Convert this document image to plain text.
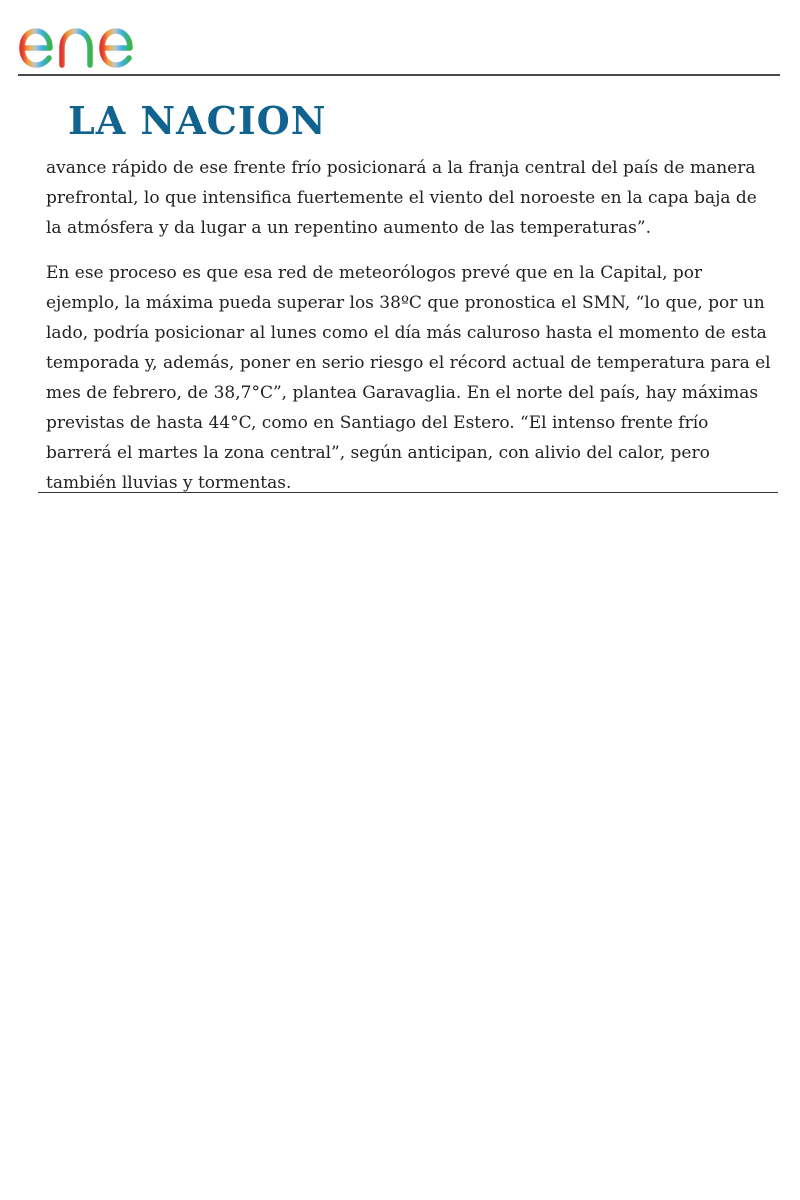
LA NACION

avance rápido de ese frente frío posicionará a la franja central del país de manera prefrontal, lo que intensifica fuertemente el viento del noroeste en la capa baja de la atmósfera y da lugar a un repentino aumento de las temperaturas”.

En ese proceso es que esa red de meteorólogos prevé que en la Capital, por ejemplo, la máxima pueda superar los 38ºC que pronostica el SMN, “lo que, por un lado, podría posicionar al lunes como el día más caluroso hasta el momento de esta temporada y, además, poner en serio riesgo el récord actual de temperatura para el mes de febrero, de 38,7°C”, plantea Garavaglia. En el norte del país, hay máximas previstas de hasta 44°C, como en Santiago del Estero. “El intenso frente frío barrerá el martes la zona central”, según anticipan, con alivio del calor, pero también lluvias y tormentas.
